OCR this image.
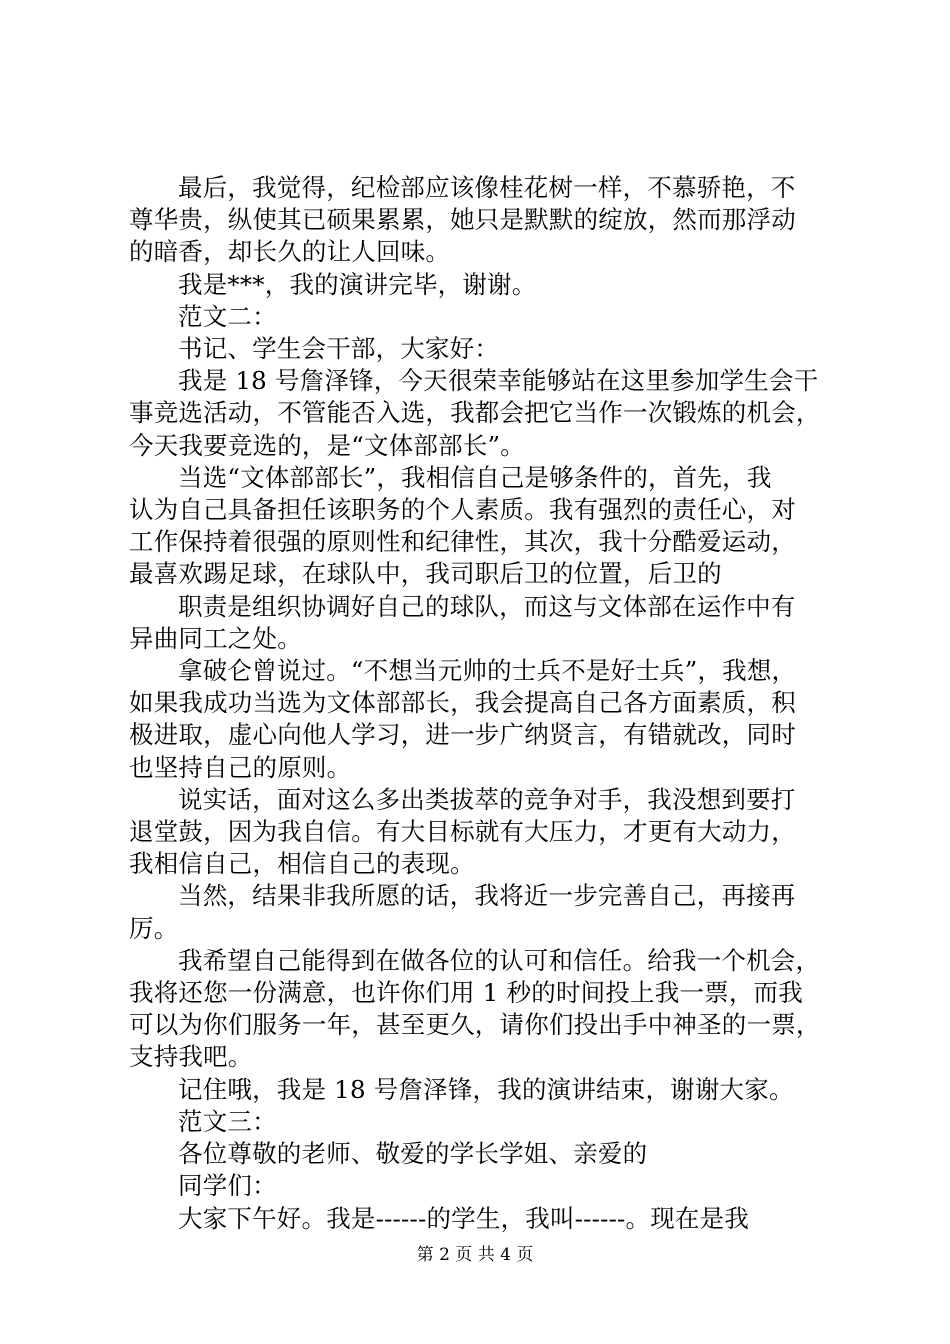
最后，我觉得，纪检部应该像桂花树一样，不慕骄艳，不
尊华贵，纵使其已硕果累累，她只是默默的绽放，然而那浮动
的暗香，却长久的让人回味。
我是***，我的演讲完毕，谢谢。
范文二：
书记、学生会干部，大家好：
我是 18 号詹泽锋，今天很荣幸能够站在这里参加学生会干
事竞选活动，不管能否入选，我都会把它当作一次锻炼的机会，
今天我要竞选的，是“文体部部长”。
当选“文体部部长”，我相信自己是够条件的，首先，我
认为自己具备担任该职务的个人素质。我有强烈的责任心，对
工作保持着很强的原则性和纪律性，其次，我十分酷爱运动，
最喜欢踢足球，在球队中，我司职后卫的位置，后卫的
职责是组织协调好自己的球队，而这与文体部在运作中有
异曲同工之处。
拿破仑曾说过。“不想当元帅的士兵不是好士兵”，我想，
如果我成功当选为文体部部长，我会提高自己各方面素质，积
极进取，虚心向他人学习，进一步广纳贤言，有错就改，同时
也坚持自己的原则。
说实话，面对这么多出类拔萃的竞争对手，我没想到要打
退堂鼓，因为我自信。有大目标就有大压力，才更有大动力，
我相信自己，相信自己的表现。
当然，结果非我所愿的话，我将近一步完善自己，再接再
厉。
我希望自己能得到在做各位的认可和信任。给我一个机会，
我将还您一份满意，也许你们用 1 秒的时间投上我一票，而我
可以为你们服务一年，甚至更久，请你们投出手中神圣的一票，
支持我吧。
记住哦，我是 18 号詹泽锋，我的演讲结束，谢谢大家。
范文三：
各位尊敬的老师、敬爱的学长学姐、亲爱的
同学们：
大家下午好。我是------的学生，我叫------。现在是我
第 2 页 共 4 页
